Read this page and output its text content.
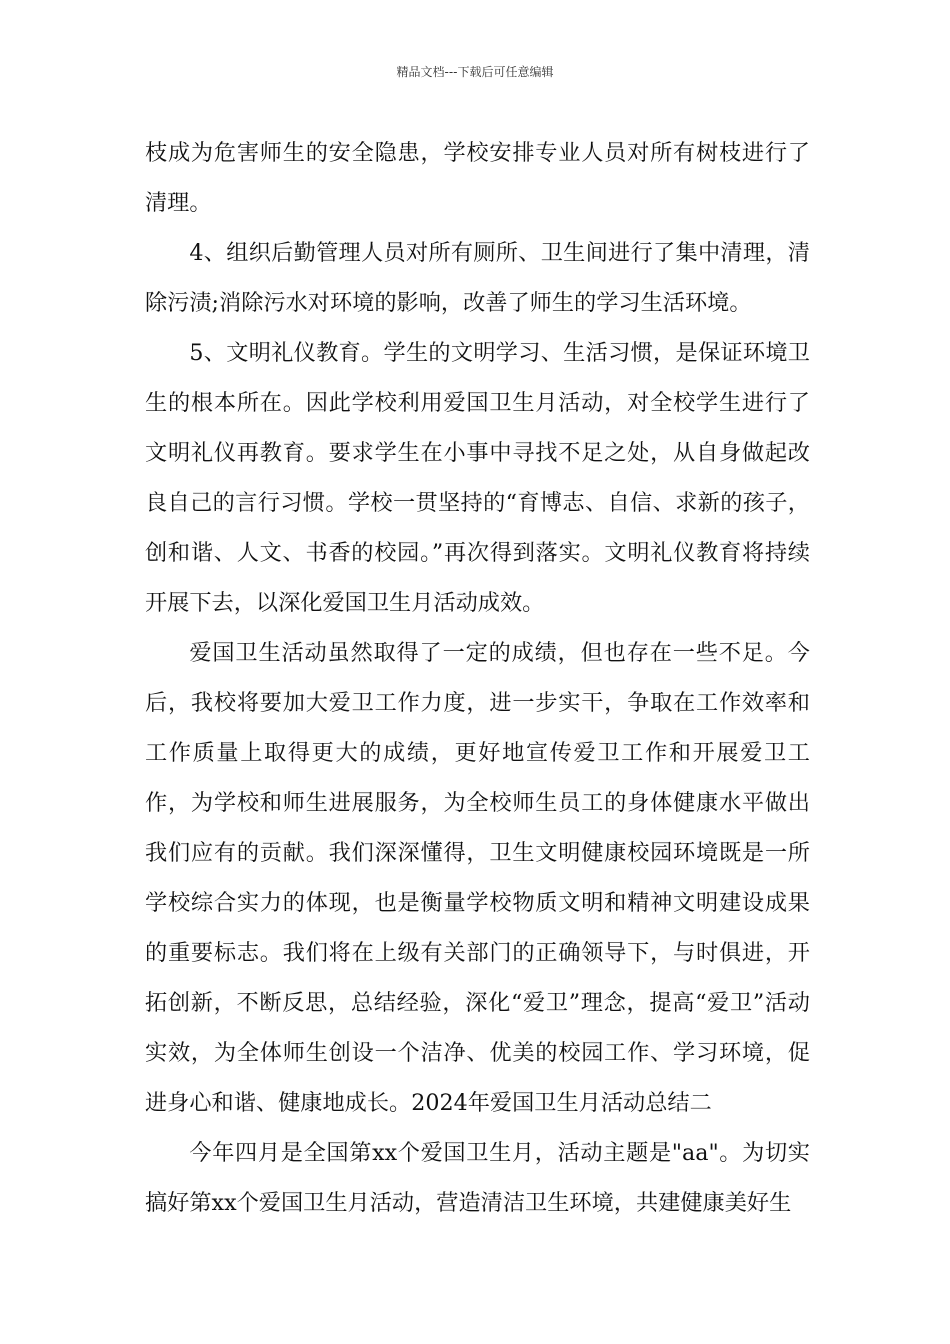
精品文档---下载后可任意编辑

枝成为危害师生的安全隐患，学校安排专业人员对所有树枝进行了清理。

4、组织后勤管理人员对所有厕所、卫生间进行了集中清理，清除污渍;消除污水对环境的影响，改善了师生的学习生活环境。

5、文明礼仪教育。学生的文明学习、生活习惯，是保证环境卫生的根本所在。因此学校利用爱国卫生月活动，对全校学生进行了文明礼仪再教育。要求学生在小事中寻找不足之处，从自身做起改良自己的言行习惯。学校一贯坚持的“育博志、自信、求新的孩子，创和谐、人文、书香的校园。”再次得到落实。文明礼仪教育将持续开展下去，以深化爱国卫生月活动成效。

爱国卫生活动虽然取得了一定的成绩，但也存在一些不足。今后，我校将要加大爱卫工作力度，进一步实干，争取在工作效率和工作质量上取得更大的成绩，更好地宣传爱卫工作和开展爱卫工作，为学校和师生进展服务，为全校师生员工的身体健康水平做出我们应有的贡献。我们深深懂得，卫生文明健康校园环境既是一所学校综合实力的体现，也是衡量学校物质文明和精神文明建设成果的重要标志。我们将在上级有关部门的正确领导下，与时俱进，开拓创新，不断反思，总结经验，深化“爱卫”理念，提高“爱卫”活动实效，为全体师生创设一个洁净、优美的校园工作、学习环境，促进身心和谐、健康地成长。2024年爱国卫生月活动总结二

今年四月是全国第xx个爱国卫生月，活动主题是"aa"。为切实搞好第xx个爱国卫生月活动，营造清洁卫生环境，共建健康美好生
